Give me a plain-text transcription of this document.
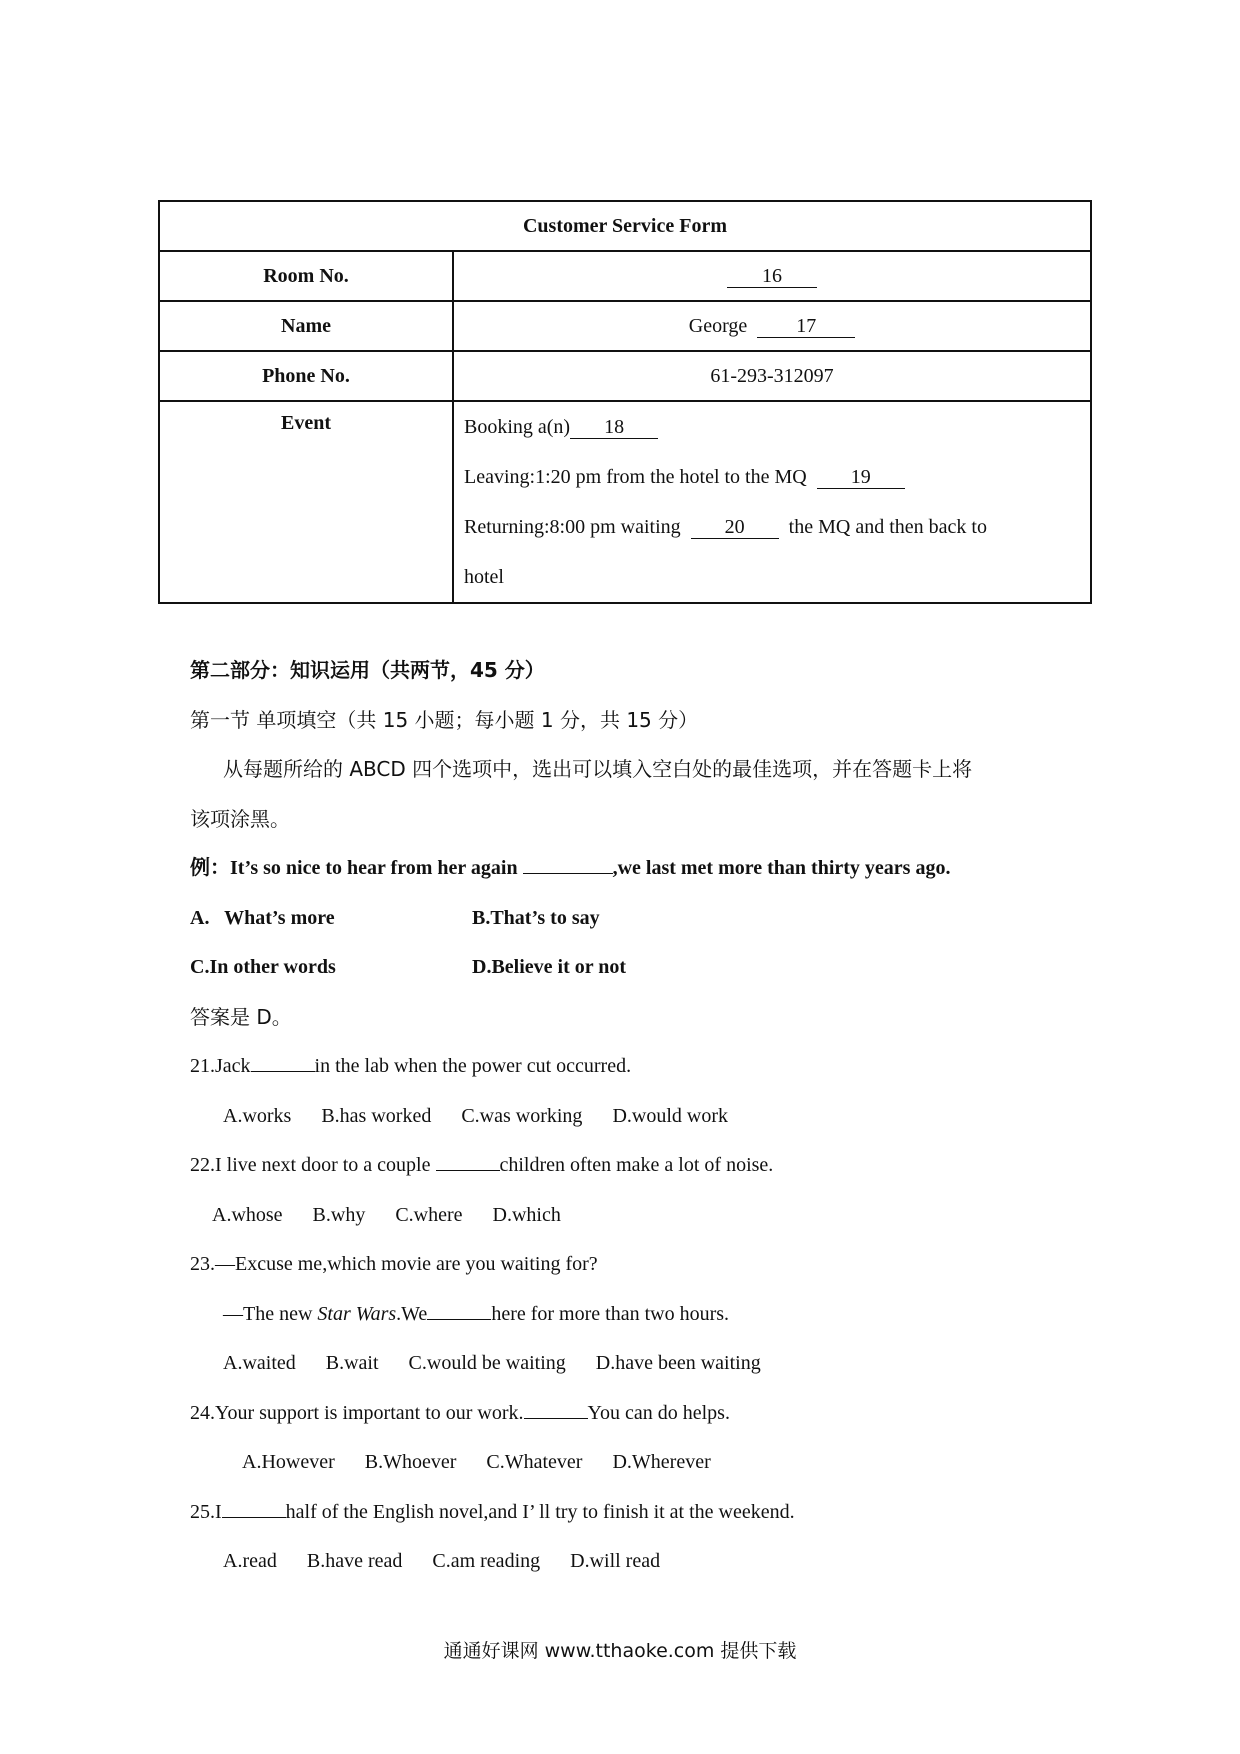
Customer Service Form	
Room No.	16
Name	George 17
Phone No.	61-293-312097
Event	Booking a(n) 18
Leaving:1:20 pm from the hotel to the MQ 19
Returning:8:00 pm waiting 20 the MQ and then back to
hotel

第二部分：知识运用（共两节，45 分）

第一节 单项填空（共 15 小题；每小题 1 分，共 15 分）

从每题所给的 ABCD 四个选项中，选出可以填入空白处的最佳选项，并在答题卡上将

该项涂黑。

例：It’s so nice to hear from her again	,we last met more than thirty years ago.

A.   What’s more	B.That’s to say

C.In other words	D.Believe it or not

答案是 D。

21.Jack	in the lab when the power cut occurred.

A.works B.has worked C.was working D.would work

22.I live next door to a couple	children often make a lot of noise.

A.whose B.why C.where D.which

23.—Excuse me,which movie are you waiting for?

—The new Star Wars.We	here for more than two hours.

A.waited B.wait C.would be waiting D.have been waiting

24.Your support is important to our work.	You can do helps.

A.However B.Whoever C.Whatever D.Wherever

25.I	half of the English novel,and I’ ll try to finish it at the weekend.

A.read B.have read C.am reading D.will read

通通好课网 www.tthaoke.com 提供下载
